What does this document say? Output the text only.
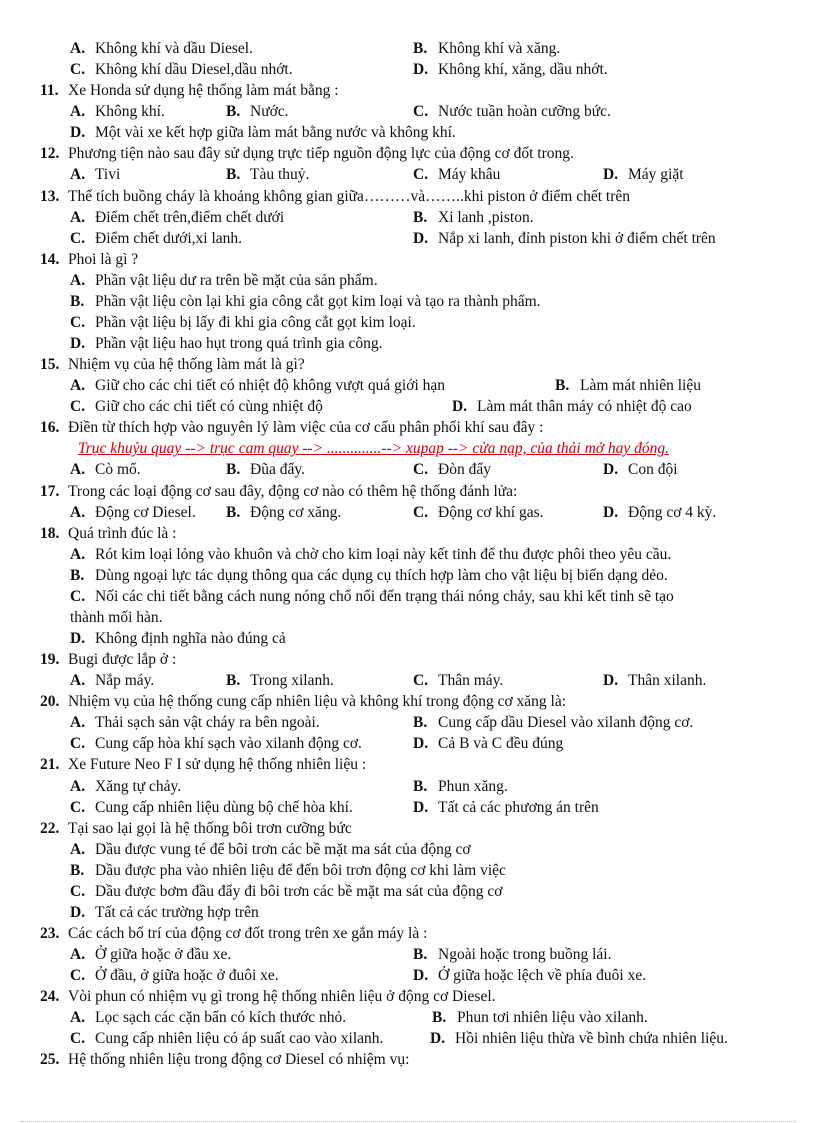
A. Không khí và dầu Diesel.	B. Không khí và xăng.
C. Không khí dầu Diesel,dầu nhớt.	D. Không khí, xăng, dầu nhớt.
11. Xe Honda sử dụng hệ thống làm mát bằng :
A. Không khí.	B. Nước.	C. Nước tuần hoàn cưỡng bức.
D. Một vài xe kết hợp giữa làm mát bằng nước và không khí.
12. Phương tiện nào sau đây sử dụng trực tiếp nguồn động lực của động cơ đốt trong.
A. Tivi	B. Tàu thuỷ.	C. Máy khâu	D. Máy giặt
13. Thể tích buồng cháy là khoảng không gian giữa………và……..khi piston ở điểm chết trên
A. Điểm chết trên,điểm chết dưới	B. Xi lanh ,piston.
C. Điểm chết dưới,xi lanh.	D. Nắp xi lanh, đỉnh piston khi ở điểm chết trên
14. Phoi là gì ?
A. Phần vật liệu dư ra trên bề mặt của sản phẩm.
B. Phần vật liệu còn lại khi gia công cắt gọt kim loại và tạo ra thành phẩm.
C. Phần vật liệu bị lấy đi khi gia công cắt gọt kim loại.
D. Phần vật liệu hao hụt trong quá trình gia công.
15. Nhiệm vụ của hệ thống làm mát là gì?
A. Giữ cho các chi tiết có nhiệt độ không vượt quá giới hạn	B. Làm mát nhiên liệu
C. Giữ cho các chi tiết có cùng nhiệt độ	D. Làm mát thân máy có nhiệt độ cao
16. Điền từ thích hợp vào nguyên lý làm việc của cơ cấu phân phối khí sau đây :
Trục khuỷu quay --> trục cam quay --> ..............--> xupap --> cửa nạp, của thải mở hay đóng.
A. Cò mổ.	B. Đũa đẩy.	C. Đòn đẩy	D. Con đội
17. Trong các loại động cơ sau đây, động cơ nào có thêm hệ thống đánh lửa:
A. Động cơ Diesel. B. Động cơ xăng.	C. Động cơ khí gas.	D. Động cơ 4 kỳ.
18. Quá trình đúc là :
A. Rót kim loại lỏng vào khuôn và chờ cho kim loại này kết tinh để thu được phôi theo yêu cầu.
B. Dùng ngoại lực tác dụng thông qua các dụng cụ thích hợp làm cho vật liệu bị biến dạng dẻo.
C. Nối các chi tiết bằng cách nung nóng chổ nối đến trạng thái nóng chảy, sau khi kết tinh sẽ tạo
thành mối hàn.
D. Không định nghĩa nào đúng cả
19. Bugi được lắp ở :
A. Nắp máy.	B. Trong xilanh.	C. Thân máy.	D. Thân xilanh.
20. Nhiệm vụ của hệ thống cung cấp nhiên liệu và không khí trong động cơ xăng là:
A. Thải sạch sản vật cháy ra bên ngoài.	B. Cung cấp dầu Diesel vào xilanh động cơ.
C. Cung cấp hòa khí sạch vào xilanh động cơ.	D. Cả B và C đều đúng
21. Xe Future Neo F I sử dụng hệ thống nhiên liệu :
A. Xăng tự chảy.	B. Phun xăng.
C. Cung cấp nhiên liệu dùng bộ chế hòa khí.	D. Tất cả các phương án trên
22. Tại sao lại gọi là hệ thống bôi trơn cưỡng bức
A. Dầu được vung té để bôi trơn các bề mặt ma sát của động cơ
B. Dầu được pha vào nhiên liệu để đến bôi trơn động cơ khi làm việc
C. Dầu được bơm đầu đẩy đi bôi trơn các bề mặt ma sát của động cơ
D. Tất cả các trường hợp trên
23. Các cách bố trí của động cơ đốt trong trên xe gắn máy là :
A. Ở giữa hoặc ở đầu xe.	B. Ngoài hoặc trong buồng lái.
C. Ở đầu, ở giữa hoặc ở đuôi xe.	D. Ở giữa hoặc lệch về phía đuôi xe.
24. Vòi phun có nhiệm vụ gì trong hệ thống nhiên liệu ở động cơ Diesel.
A. Lọc sạch các cặn bẩn có kích thước nhỏ.	B. Phun tơi nhiên liệu vào xilanh.
C. Cung cấp nhiên liệu có áp suất cao vào xilanh.	D. Hồi nhiên liệu thừa về bình chứa nhiên liệu.
25. Hệ thống nhiên liệu trong động cơ Diesel có nhiệm vụ:
